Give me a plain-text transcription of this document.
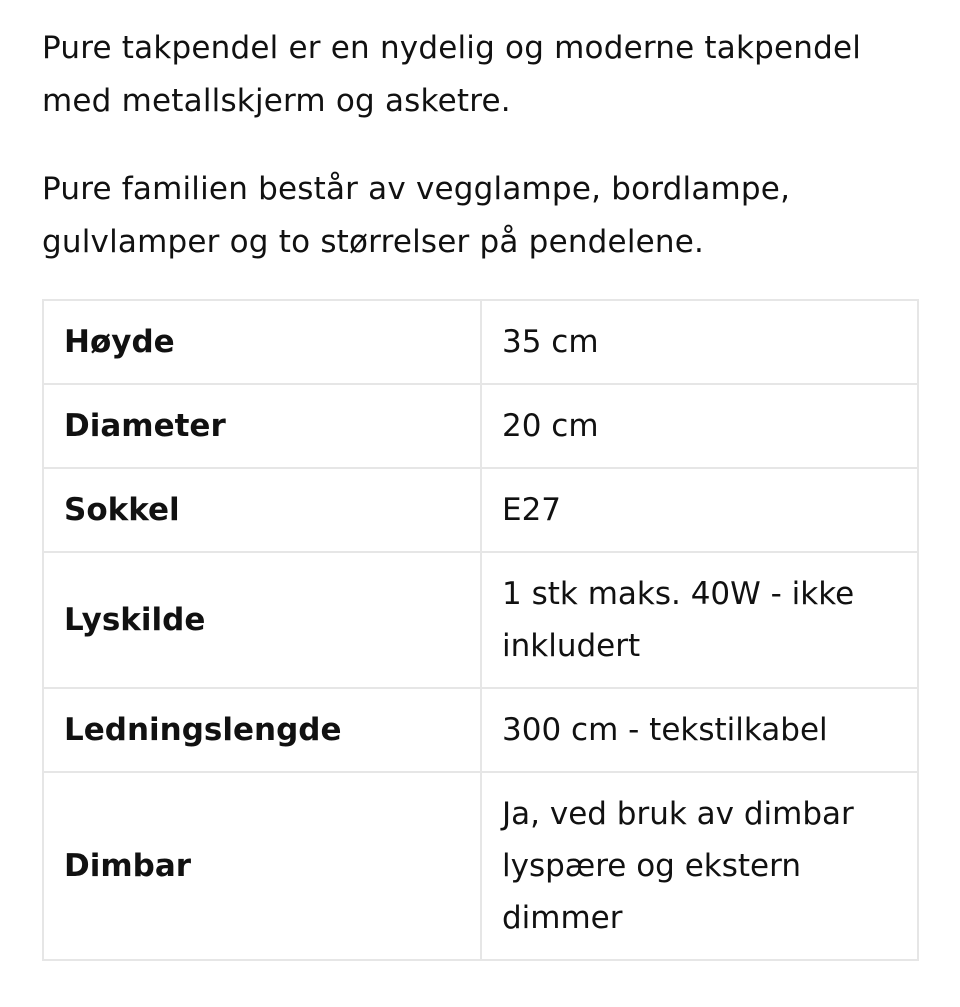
Pure takpendel er en nydelig og moderne takpendel med metallskjerm og asketre.

Pure familien består av vegglampe, bordlampe, gulvlamper og to størrelser på pendelene.

Høyde	35 cm
Diameter	20 cm
Sokkel	E27
Lyskilde	1 stk maks. 40W - ikke inkludert
Ledningslengde	300 cm - tekstilkabel
Dimbar	Ja, ved bruk av dimbar lyspære og ekstern dimmer
